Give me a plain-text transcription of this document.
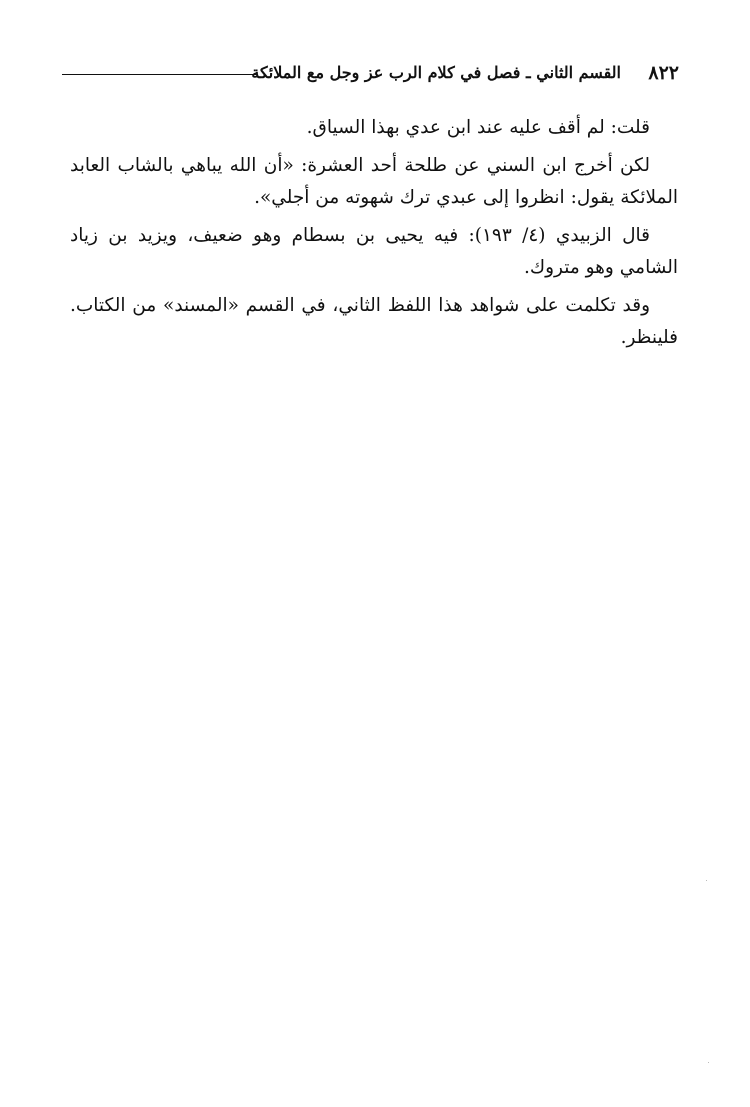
٨٢٢
القسم الثاني ـ فصل في كلام الرب عز وجل مع الملائكة

قلت: لم أقف عليه عند ابن عدي بهذا السياق.

لكن أخرج ابن السني عن طلحة أحد العشرة: «أن الله يباهي بالشاب العابد الملائكة يقول: انظروا إلى عبدي ترك شهوته من أجلي».

قال الزبيدي (٤/ ١٩٣): فيه يحيى بن بسطام وهو ضعيف، ويزيد بن زياد الشامي وهو متروك.

وقد تكلمت على شواهد هذا اللفظ الثاني، في القسم «المسند» من الكتاب. فلينظر.
